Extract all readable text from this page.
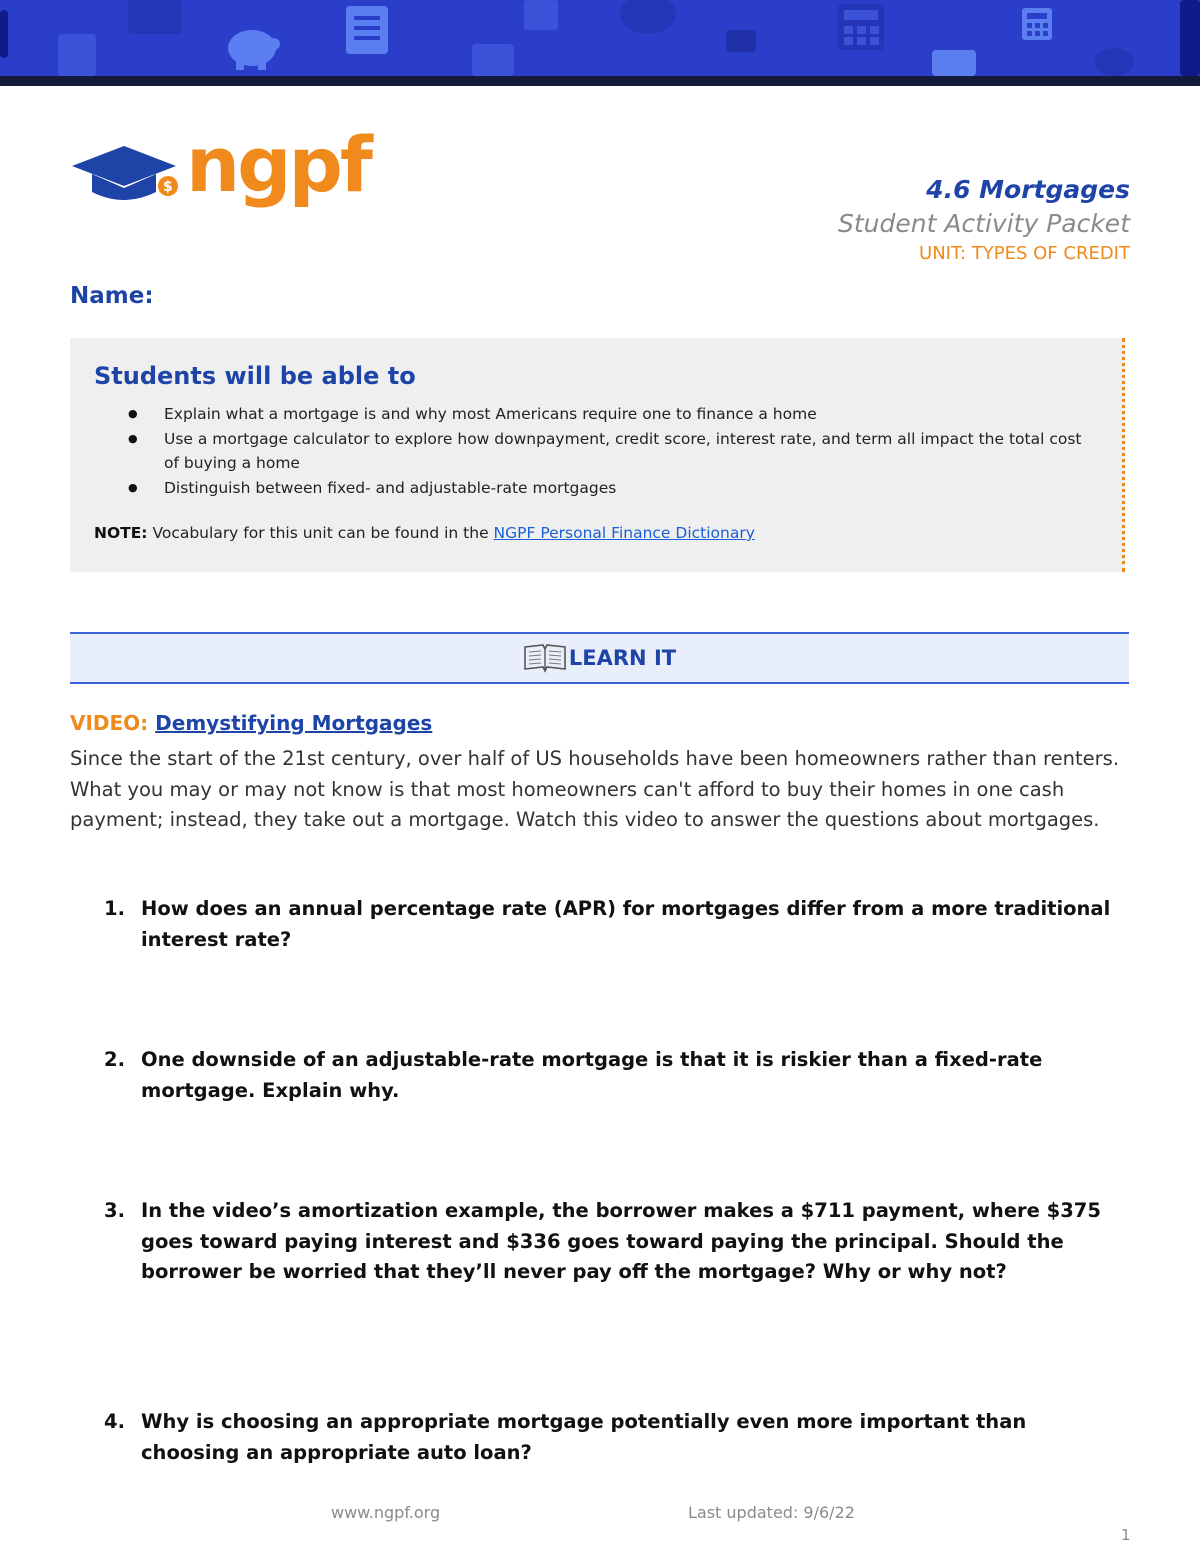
$ ngpf	4.6 Mortgages
Student Activity Packet
UNIT: TYPES OF CREDIT
Name:
Students will be able to
● Explain what a mortgage is and why most Americans require one to finance a home
● Use a mortgage calculator to explore how downpayment, credit score, interest rate, and term all impact the total cost of buying a home
● Distinguish between fixed- and adjustable-rate mortgages
NOTE: Vocabulary for this unit can be found in the NGPF Personal Finance Dictionary
LEARN IT
VIDEO: Demystifying Mortgages

Since the start of the 21st century, over half of US households have been homeowners rather than renters. What you may or may not know is that most homeowners can't afford to buy their homes in one cash payment; instead, they take out a mortgage. Watch this video to answer the questions about mortgages.

1. How does an annual percentage rate (APR) for mortgages differ from a more traditional interest rate?
2. One downside of an adjustable-rate mortgage is that it is riskier than a fixed-rate mortgage. Explain why.
3. In the video’s amortization example, the borrower makes a $711 payment, where $375 goes toward paying interest and $336 goes toward paying the principal. Should the borrower be worried that they’ll never pay off the mortgage? Why or why not?
4. Why is choosing an appropriate mortgage potentially even more important than choosing an appropriate auto loan?
www.ngpf.org	Last updated: 9/6/22
1
